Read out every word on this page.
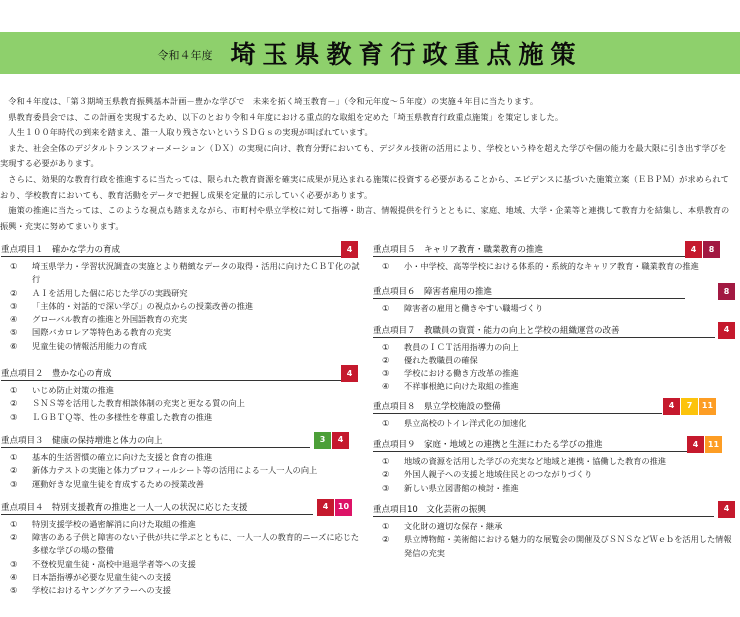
令和４年度 埼玉県教育行政重点施策

　令和４年度は、「第３期埼玉県教育振興基本計画－豊かな学びで　未来を拓く埼玉教育－」（令和元年度～５年度）の実施４年目に当たります。

　県教育委員会では、この計画を実現するため、以下のとおり令和４年度における重点的な取組を定めた「埼玉県教育行政重点施策」を策定しました。

　人生１００年時代の到来を踏まえ、誰一人取り残さないというＳＤＧｓの実現が叫ばれています。

　また、社会全体のデジタルトランスフォーメーション（ＤＸ）の実現に向け、教育分野においても、デジタル技術の活用により、学校という枠を超えた学びや個の能力を最大限に引き出す学びを実現する必要があります。

　さらに、効果的な教育行政を推進するに当たっては、限られた教育資源を確実に成果が見込まれる施策に投資する必要があることから、エビデンスに基づいた施策立案（ＥＢＰＭ）が求められており、学校教育においても、教育活動をデータで把握し成果を定量的に示していく必要があります。

　施策の推進に当たっては、このような視点も踏まえながら、市町村や県立学校に対して指導・助言、情報提供を行うとともに、家庭、地域、大学・企業等と連携して教育力を結集し、本県教育の振興・充実に努めてまいります。

重点項目１　確かな学力の育成	4
① 埼玉県学力・学習状況調査の実施とより精緻なデータの取得・活用に向けたＣＢＴ化の試行
② ＡＩを活用した個に応じた学びの実践研究
③ 「主体的・対話的で深い学び」の視点からの授業改善の推進
④ グローバル教育の推進と外国語教育の充実
⑤ 国際バカロレア等特色ある教育の充実
⑥ 児童生徒の情報活用能力の育成
重点項目２　豊かな心の育成	4
① いじめ防止対策の推進
② ＳＮＳ等を活用した教育相談体制の充実と更なる質の向上
③ ＬＧＢＴＱ等、性の多様性を尊重した教育の推進
重点項目３　健康の保持増進と体力の向上	3	4
① 基本的生活習慣の確立に向けた支援と食育の推進
② 新体力テストの実施と体力プロフィールシート等の活用による一人一人の向上
③ 運動好きな児童生徒を育成するための授業改善
重点項目４　特別支援教育の推進と一人一人の状況に応じた支援	4	10
① 特別支援学校の過密解消に向けた取組の推進
② 障害のある子供と障害のない子供が共に学ぶとともに、一人一人の教育的ニーズに応じた多様な学びの場の整備
③ 不登校児童生徒・高校中退退学者等への支援
④ 日本語指導が必要な児童生徒への支援
⑤ 学校におけるヤングケアラーへの支援
重点項目５　キャリア教育・職業教育の推進	4	8
① 小・中学校、高等学校における体系的・系統的なキャリア教育・職業教育の推進
重点項目６　障害者雇用の推進	8
① 障害者の雇用と働きやすい職場づくり
重点項目７　教職員の資質・能力の向上と学校の組織運営の改善	4
① 教員のＩＣＴ活用指導力の向上
② 優れた教職員の確保
③ 学校における働き方改革の推進
④ 不祥事根絶に向けた取組の推進
重点項目８　県立学校施設の整備	4	7	11
① 県立高校のトイレ洋式化の加速化
重点項目９　家庭・地域との連携と生涯にわたる学びの推進	4	11
① 地域の資源を活用した学びの充実など地域と連携・協働した教育の推進
② 外国人親子への支援と地域住民とのつながりづくり
③ 新しい県立図書館の検討・推進
重点項目10　文化芸術の振興	4
① 文化財の適切な保存・継承
② 県立博物館・美術館における魅力的な展覧会の開催及びＳＮＳなどＷｅｂを活用した情報発信の充実
